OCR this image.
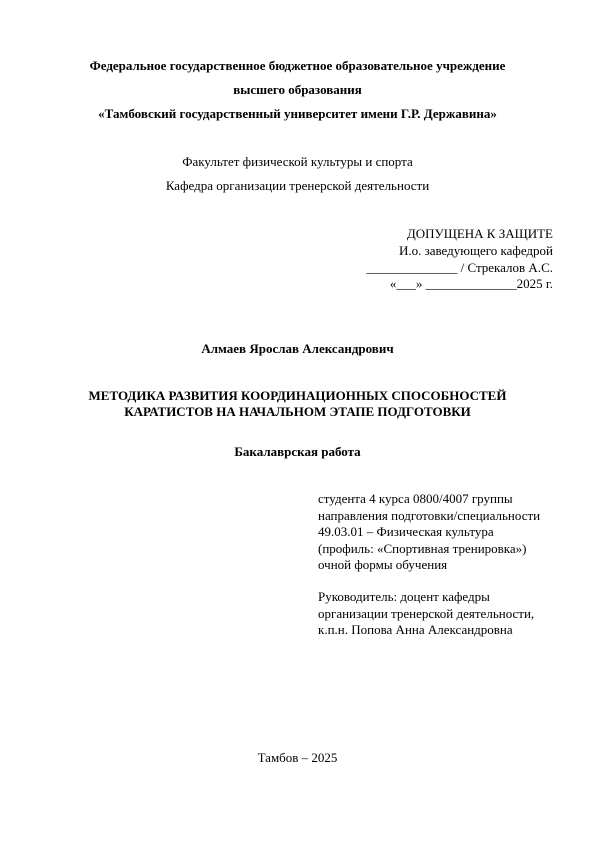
Федеральное государственное бюджетное образовательное учреждение
высшего образования
«Тамбовский государственный университет имени Г.Р. Державина»
Факультет физической культуры и спорта
Кафедра организации тренерской деятельности
ДОПУЩЕНА К ЗАЩИТЕ
И.о. заведующего кафедрой
______________ / Стрекалов А.С.
«___» ______________2025 г.
Алмаев Ярослав Александрович
МЕТОДИКА РАЗВИТИЯ КООРДИНАЦИОННЫХ СПОСОБНОСТЕЙ
КАРАТИСТОВ НА НАЧАЛЬНОМ ЭТАПЕ ПОДГОТОВКИ
Бакалаврская работа
студента 4 курса 0800/4007 группы
направления подготовки/специальности
49.03.01 – Физическая культура
(профиль: «Спортивная тренировка»)
очной формы обучения
Руководитель: доцент кафедры
организации тренерской деятельности,
к.п.н. Попова Анна Александровна
Тамбов – 2025
